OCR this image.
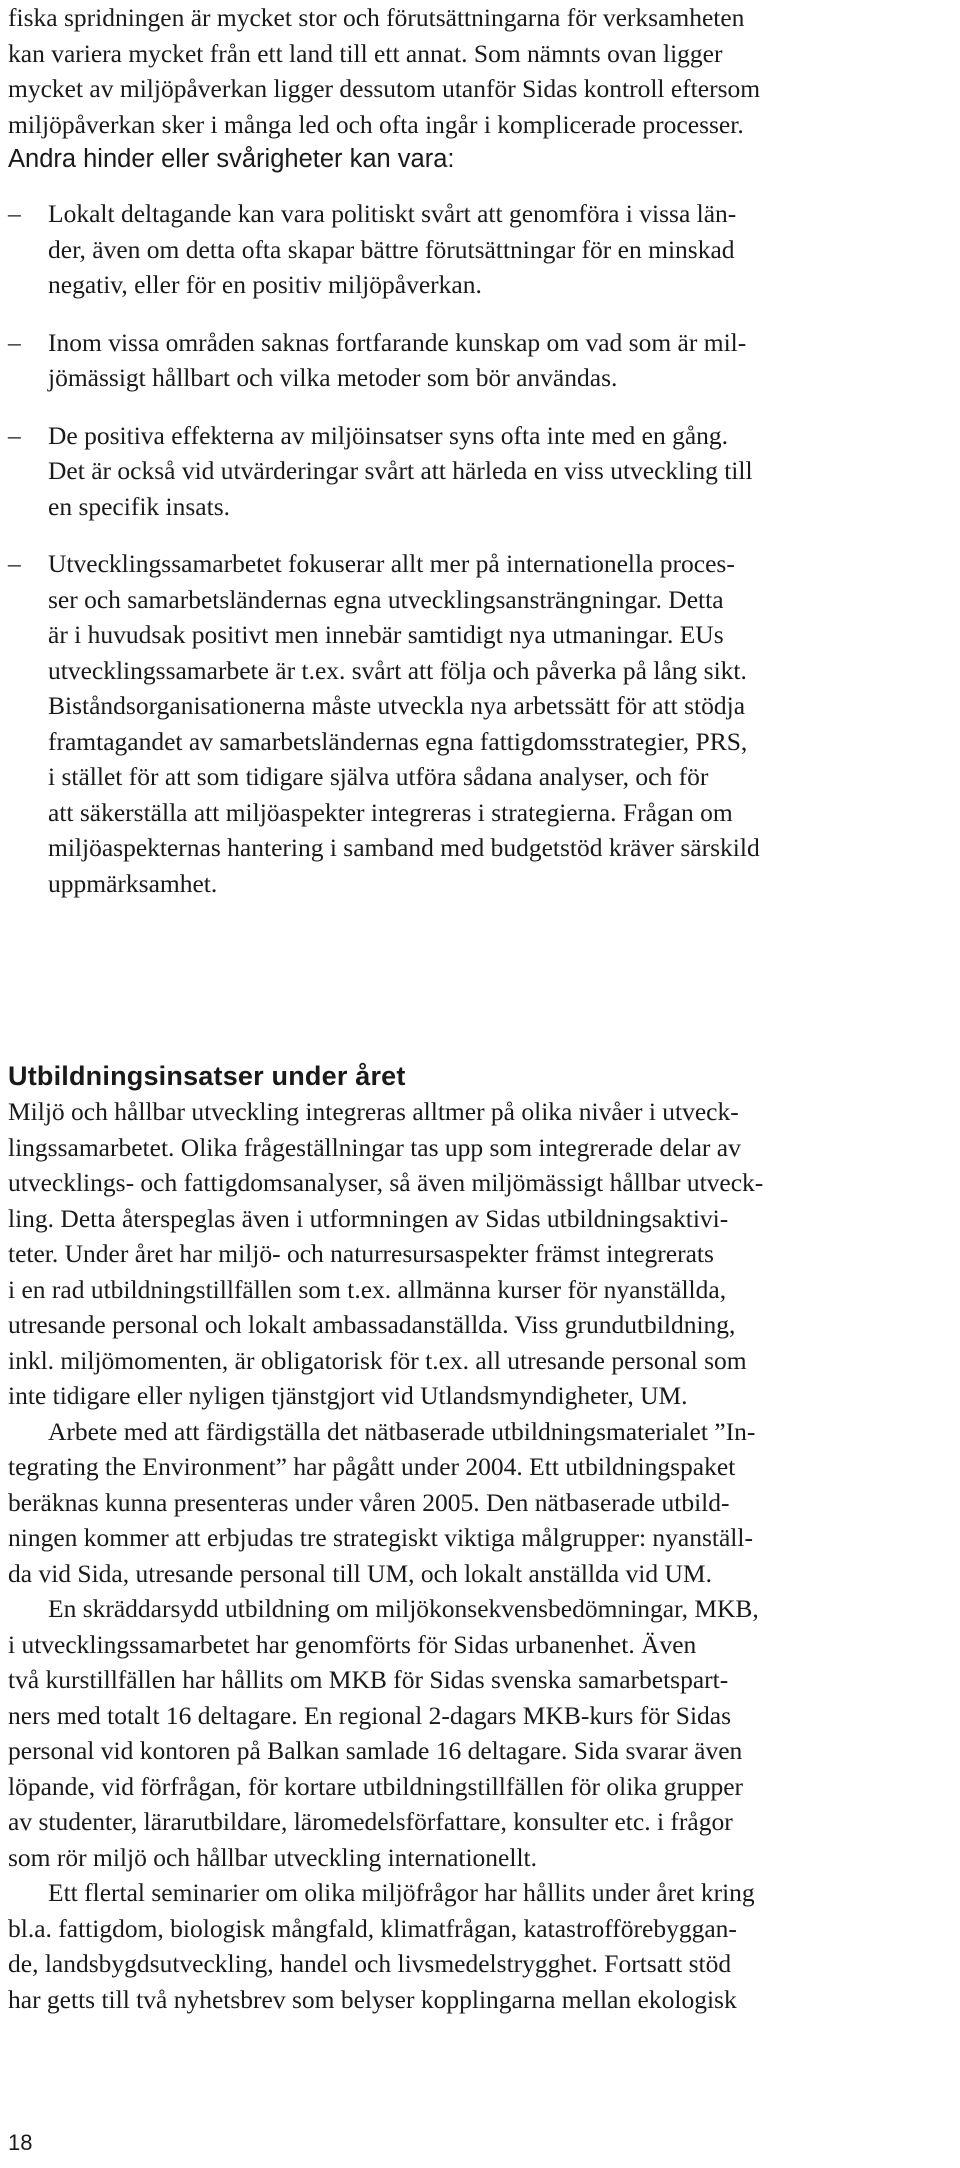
fiska spridningen är mycket stor och förutsättningarna för verksamheten
kan variera mycket från ett land till ett annat. Som nämnts ovan ligger
mycket av miljöpåverkan ligger dessutom utanför Sidas kontroll eftersom
miljöpåverkan sker i många led och ofta ingår i komplicerade processer.
Andra hinder eller svårigheter kan vara:

–	Lokalt deltagande kan vara politiskt svårt att genomföra i vissa län-
der, även om detta ofta skapar bättre förutsättningar för en minskad
negativ, eller för en positiv miljöpåverkan.
–	Inom vissa områden saknas fortfarande kunskap om vad som är mil-
jömässigt hållbart och vilka metoder som bör användas.
–	De positiva effekterna av miljöinsatser syns ofta inte med en gång.
Det är också vid utvärderingar svårt att härleda en viss utveckling till
en specifik insats.
–	Utvecklingssamarbetet fokuserar allt mer på internationella proces-
ser och samarbetsländernas egna utvecklingsansträngningar. Detta
är i huvudsak positivt men innebär samtidigt nya utmaningar. EUs
utvecklingssamarbete är t.ex. svårt att följa och påverka på lång sikt.
Biståndsorganisationerna måste utveckla nya arbetssätt för att stödja
framtagandet av samarbetsländernas egna fattigdomsstrategier, PRS,
i stället för att som tidigare själva utföra sådana analyser, och för
att säkerställa att miljöaspekter integreras i strategierna. Frågan om
miljöaspekternas hantering i samband med budgetstöd kräver särskild
uppmärksamhet.
Utbildningsinsatser under året

Miljö och hållbar utveckling integreras alltmer på olika nivåer i utveck-
lingssamarbetet. Olika frågeställningar tas upp som integrerade delar av
utvecklings- och fattigdomsanalyser, så även miljömässigt hållbar utveck-
ling. Detta återspeglas även i utformningen av Sidas utbildningsaktivi-
teter. Under året har miljö- och naturresursaspekter främst integrerats
i en rad utbildningstillfällen som t.ex. allmänna kurser för nyanställda,
utresande personal och lokalt ambassadanställda. Viss grundutbildning,
inkl. miljömomenten, är obligatorisk för t.ex. all utresande personal som
inte tidigare eller nyligen tjänstgjort vid Utlandsmyndigheter, UM.

Arbete med att färdigställa det nätbaserade utbildningsmaterialet ”In-
tegrating the Environment” har pågått under 2004. Ett utbildningspaket
beräknas kunna presenteras under våren 2005. Den nätbaserade utbild-
ningen kommer att erbjudas tre strategiskt viktiga målgrupper: nyanställ-
da vid Sida, utresande personal till UM, och lokalt anställda vid UM.

En skräddarsydd utbildning om miljökonsekvensbedömningar, MKB,
i utvecklingssamarbetet har genomförts för Sidas urbanenhet. Även
två kurstillfällen har hållits om MKB för Sidas svenska samarbetspart-
ners med totalt 16 deltagare. En regional 2-dagars MKB-kurs för Sidas
personal vid kontoren på Balkan samlade 16 deltagare. Sida svarar även
löpande, vid förfrågan, för kortare utbildningstillfällen för olika grupper
av studenter, lärarutbildare, läromedelsförfattare, konsulter etc. i frågor
som rör miljö och hållbar utveckling internationellt.

Ett flertal seminarier om olika miljöfrågor har hållits under året kring
bl.a. fattigdom, biologisk mångfald, klimatfrågan, katastrofförebyggan-
de, landsbygdsutveckling, handel och livsmedelstrygghet. Fortsatt stöd
har getts till två nyhetsbrev som belyser kopplingarna mellan ekologisk

18
